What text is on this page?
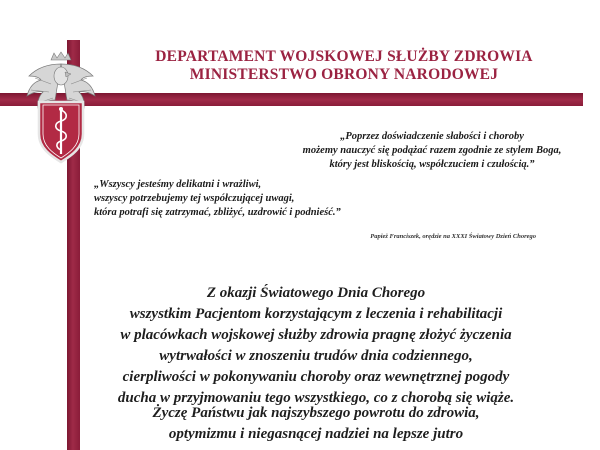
DEPARTAMENT WOJSKOWEJ SŁUŻBY ZDROWIA
MINISTERSTWO OBRONY NARODOWEJ
„Poprzez doświadczenie słabości i choroby
możemy nauczyć się podążać razem zgodnie ze stylem Boga,
który jest bliskością, współczuciem i czułością.”
„Wszyscy jesteśmy delikatni i wrażliwi,
wszyscy potrzebujemy tej współczującej uwagi,
która potrafi się zatrzymać, zbliżyć, uzdrowić i podnieść.”
Papież Franciszek, orędzie na XXXI Światowy Dzień Chorego
Z okazji Światowego Dnia Chorego
wszystkim Pacjentom korzystającym z leczenia i rehabilitacji
w placówkach wojskowej służby zdrowia pragnę złożyć życzenia
wytrwałości w znoszeniu trudów dnia codziennego,
cierpliwości w pokonywaniu choroby oraz wewnętrznej pogody
ducha w przyjmowaniu tego wszystkiego, co z chorobą się wiąże.
Życzę Państwu jak najszybszego powrotu do zdrowia,
optymizmu i niegasnącej nadziei na lepsze jutro
